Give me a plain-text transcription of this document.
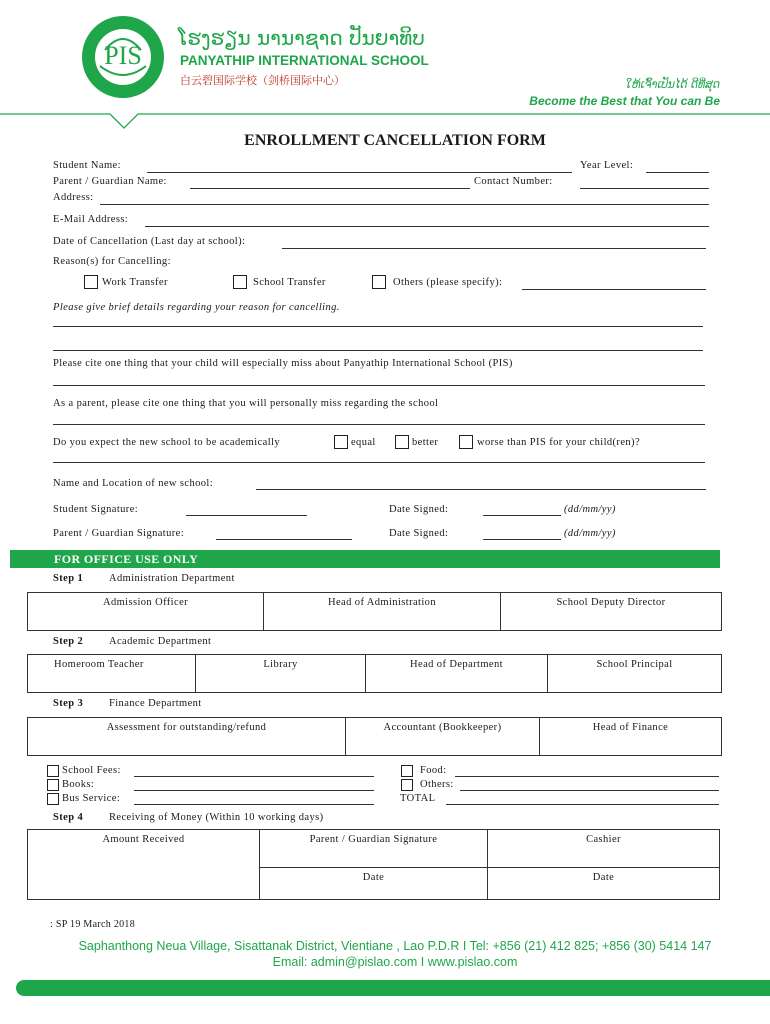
PIS
ໂຮງຮຽນ ນານາຊາດ ປັນຍາທິບ
PANYATHIP INTERNATIONAL SCHOOL
白云碧国际学校（剑桥国际中心）	ໃຫ້ເຈົ້າເປັນໄດ້ ດີທີ່ສຸດ
Become the Best that You can Be
ENROLLMENT CANCELLATION FORM
Student Name:	Year Level:
Parent / Guardian Name:	Contact Number:
Address:
E-Mail Address:
Date of Cancellation (Last day at school):
Reason(s) for Cancelling:
Work Transfer	School Transfer	Others (please specify):
Please give brief details regarding your reason for cancelling.
Please cite one thing that your child will especially miss about Panyathip International School (PIS)
As a parent, please cite one thing that you will personally miss regarding the school
Do you expect the new school to be academically	equal	better	worse than PIS for your child(ren)?
Name and Location of new school:
Student Signature:	Date Signed:	(dd/mm/yy)
Parent / Guardian Signature:	Date Signed:	(dd/mm/yy)
FOR OFFICE USE ONLY
Step 1 Administration Department
Admission Officer	Head of Administration	School Deputy Director
Step 2 Academic Department
Homeroom Teacher	Library	Head of Department	School Principal
Step 3 Finance Department
Assessment for outstanding/refund	Accountant (Bookkeeper)	Head of Finance
School Fees:
Books:
Bus Service:
Food:
Others:
TOTAL
Step 4 Receiving of Money (Within 10 working days)
Amount Received	Parent / Guardian Signature	Cashier
	Date	Date
: SP 19 March 2018
Saphanthong Neua Village, Sisattanak District, Vientiane , Lao P.D.R I Tel: +856 (21) 412 825; +856 (30) 5414 147
Email: admin@pislao.com I www.pislao.com
